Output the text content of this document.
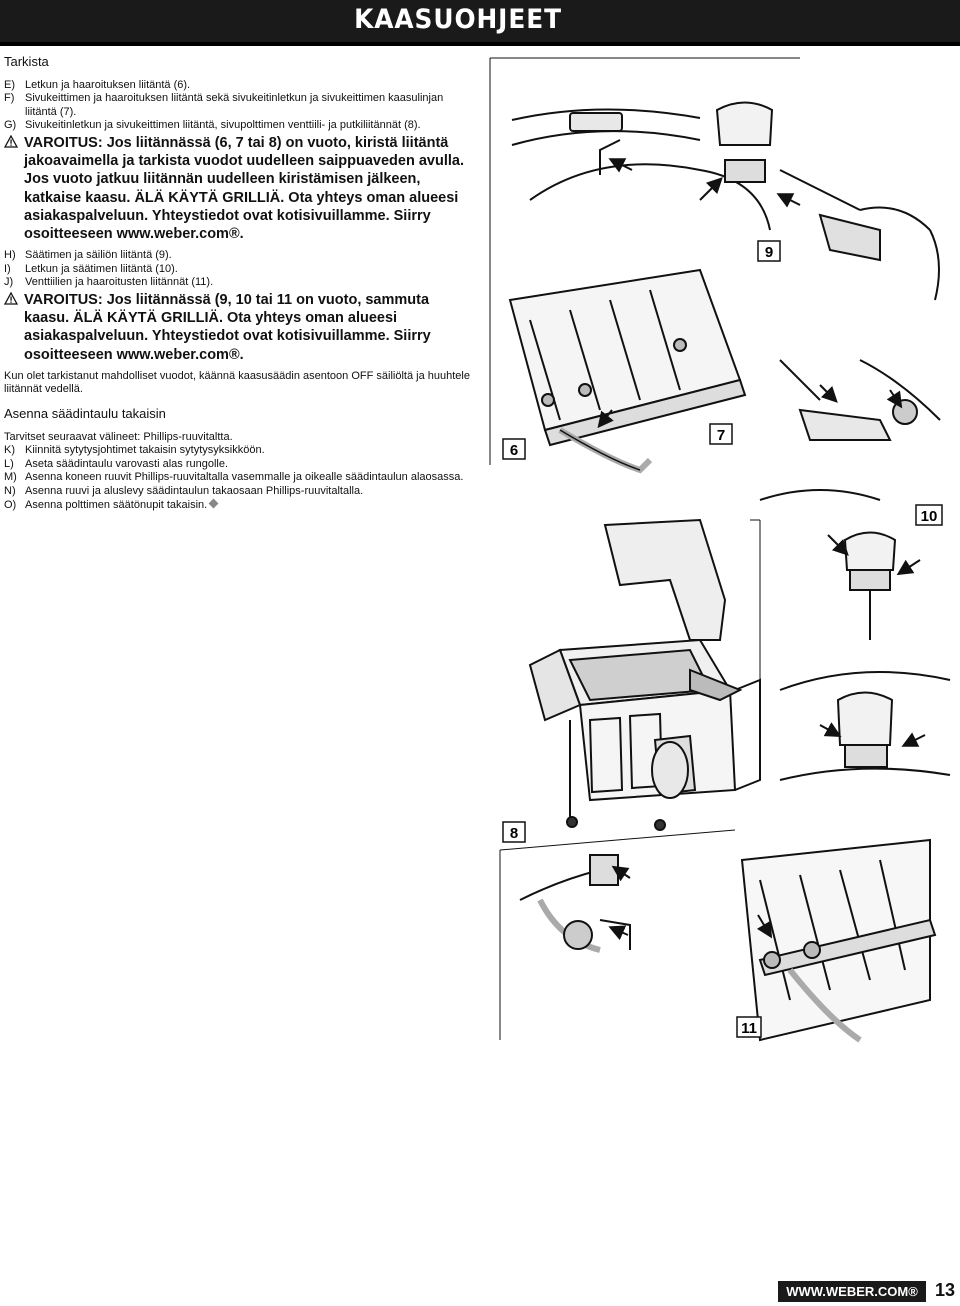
KAASUOHJEET
Tarkista
E) Letkun ja haaroituksen liitäntä (6).
F) Sivukeittimen ja haaroituksen liitäntä sekä sivukeitinletkun ja sivukeittimen kaasulinjan liitäntä (7).
G) Sivukeitinletkun ja sivukeittimen liitäntä, sivupolttimen venttiili- ja putkiliitännät (8).
VAROITUS: Jos liitännässä (6, 7 tai 8) on vuoto, kiristä liitäntä jakoavaimella ja tarkista vuodot uudelleen saippuaveden avulla. Jos vuoto jatkuu liitännän uudelleen kiristämisen jälkeen, katkaise kaasu. ÄLÄ KÄYTÄ GRILLIÄ. Ota yhteys oman alueesi asiakaspalveluun. Yhteystiedot ovat kotisivuillamme. Siirry osoitteeseen www.weber.com®.
H) Säätimen ja säiliön liitäntä (9).
I) Letkun ja säätimen liitäntä (10).
J) Venttiilien ja haaroitusten liitännät (11).
VAROITUS: Jos liitännässä (9, 10 tai 11 on vuoto, sammuta kaasu. ÄLÄ KÄYTÄ GRILLIÄ. Ota yhteys oman alueesi asiakaspalveluun. Yhteystiedot ovat kotisivuillamme. Siirry osoitteeseen www.weber.com®.

Kun olet tarkistanut mahdolliset vuodot, käännä kaasusäädin asentoon OFF säiliöltä ja huuhtele liitännät vedellä.

Asenna säädintaulu takaisin

Tarvitset seuraavat välineet: Phillips-ruuvitaltta.

K) Kiinnitä sytytysjohtimet takaisin sytytysyksikköön.
L) Aseta säädintaulu varovasti alas rungolle.
M) Asenna koneen ruuvit Phillips-ruuvitaltalla vasemmalle ja oikealle säädintaulun alaosassa.
N) Asenna ruuvi ja aluslevy säädintaulun takaosaan Phillips-ruuvitaltalla.
O) Asenna polttimen säätönupit takaisin.
9
6
7
10
8
11
WWW.WEBER.COM® 13
